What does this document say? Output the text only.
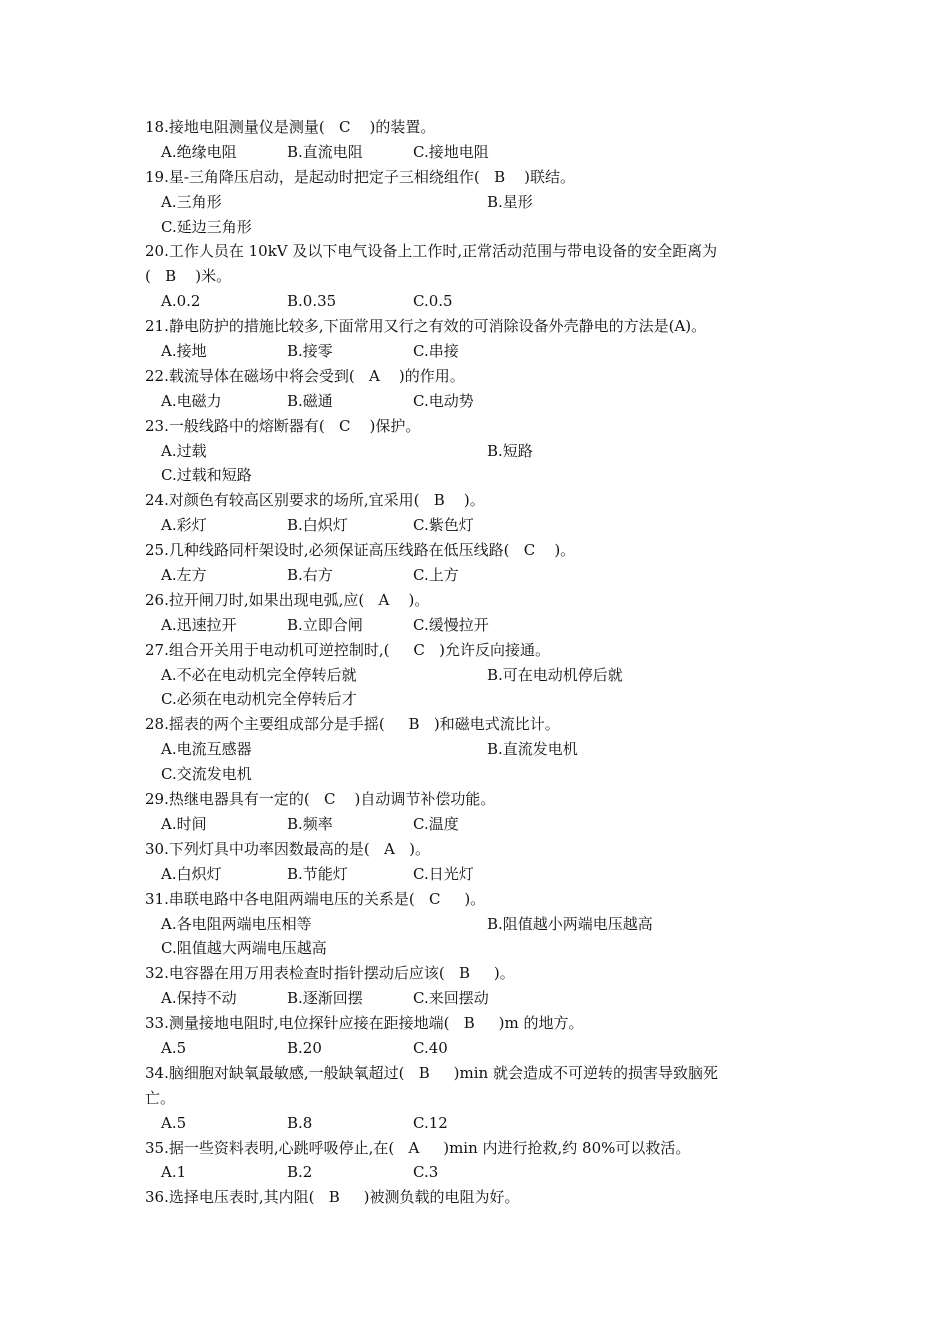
18.接地电阻测量仪是测量(   C    )的装置。
A.绝缘电阻	B.直流电阻	C.接地电阻
19.星-三角降压启动，是起动时把定子三相绕组作(   B    )联结。
A.三角形	B.星形
C.延边三角形
20.工作人员在 10kV 及以下电气设备上工作时,正常活动范围与带电设备的安全距离为
(   B    )米。
A.0.2	B.0.35	C.0.5
21.静电防护的措施比较多,下面常用又行之有效的可消除设备外壳静电的方法是(A)。
A.接地	B.接零	C.串接
22.载流导体在磁场中将会受到(   A    )的作用。
A.电磁力	B.磁通	C.电动势
23.一般线路中的熔断器有(   C    )保护。
A.过载	B.短路
C.过载和短路
24.对颜色有较高区别要求的场所,宜采用(   B    )。
A.彩灯	B.白炽灯	C.紫色灯
25.几种线路同杆架设时,必须保证高压线路在低压线路(   C    )。
A.左方	B.右方	C.上方
26.拉开闸刀时,如果出现电弧,应(   A    )。
A.迅速拉开	B.立即合闸	C.缓慢拉开
27.组合开关用于电动机可逆控制时,(     C   )允许反向接通。
A.不必在电动机完全停转后就	B.可在电动机停后就
C.必须在电动机完全停转后才
28.摇表的两个主要组成部分是手摇(     B   )和磁电式流比计。
A.电流互感器	B.直流发电机
C.交流发电机
29.热继电器具有一定的(   C    )自动调节补偿功能。
A.时间	B.频率	C.温度
30.下列灯具中功率因数最高的是(   A   )。
A.白炽灯	B.节能灯	C.日光灯
31.串联电路中各电阻两端电压的关系是(   C     )。
A.各电阻两端电压相等	B.阻值越小两端电压越高
C.阻值越大两端电压越高
32.电容器在用万用表检查时指针摆动后应该(   B     )。
A.保持不动	B.逐渐回摆	C.来回摆动
33.测量接地电阻时,电位探针应接在距接地端(   B     )m 的地方。
A.5	B.20	C.40
34.脑细胞对缺氧最敏感,一般缺氧超过(   B     )min 就会造成不可逆转的损害导致脑死
亡。
A.5	B.8	C.12
35.据一些资料表明,心跳呼吸停止,在(   A     )min 内进行抢救,约 80%可以救活。
A.1	B.2	C.3
36.选择电压表时,其内阻(   B     )被测负载的电阻为好。
